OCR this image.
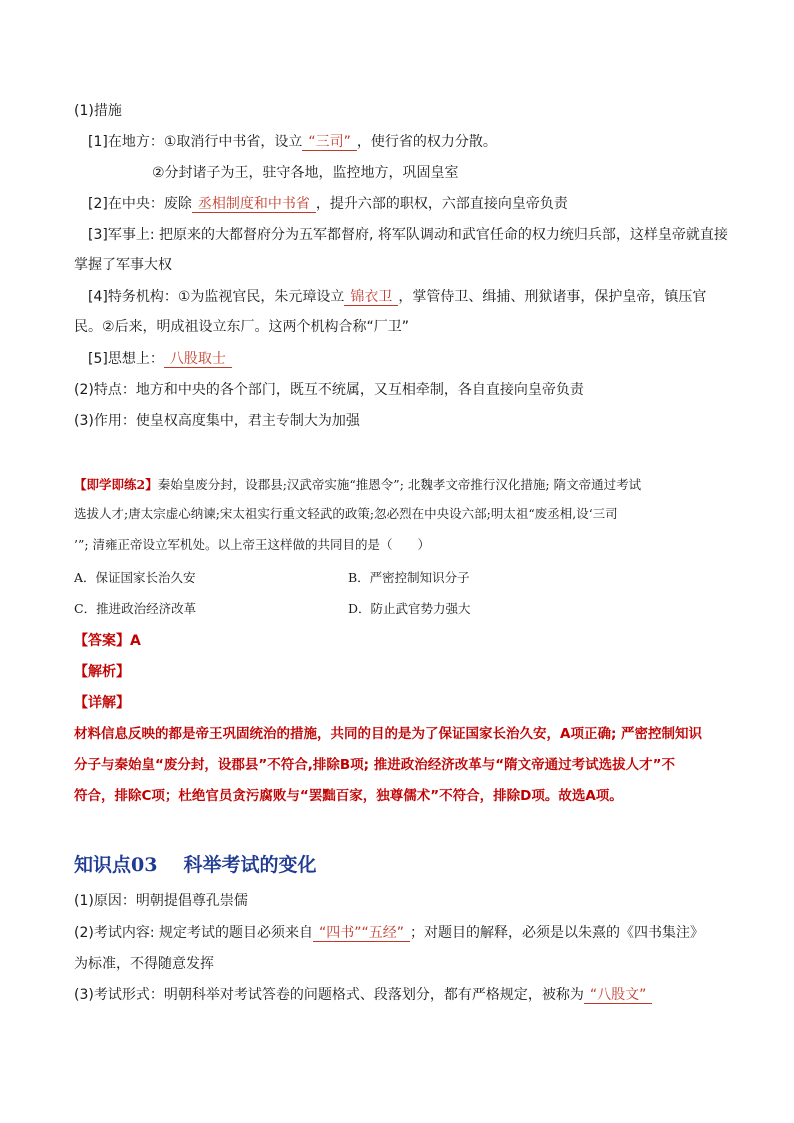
(1)措施
[1]在地方：①取消行中书省，设立 “三司” ，使行省的权力分散。
②分封诸子为王，驻守各地，监控地方，巩固皇室
[2]在中央：废除 丞相制度和中书省 ，提升六部的职权，六部直接向皇帝负责
[3]军事上: 把原来的大都督府分为五军都督府, 将军队调动和武官任命的权力统归兵部，这样皇帝就直接
掌握了军事大权
[4]特务机构：①为监视官民，朱元璋设立 锦衣卫 ，掌管侍卫、缉捕、刑狱诸事，保护皇帝，镇压官
民。②后来，明成祖设立东厂。这两个机构合称“厂卫”
[5]思想上： 八股取士
(2)特点：地方和中央的各个部门，既互不统属，又互相牵制，各自直接向皇帝负责
(3)作用：使皇权高度集中，君主专制大为加强
【即学即练2】秦始皇废分封，设郡县;汉武帝实施“推恩令”; 北魏孝文帝推行汉化措施; 隋文帝通过考试
选拔人才;唐太宗虚心纳谏;宋太祖实行重文轻武的政策;忽必烈在中央设六部;明太祖“废丞相,设‘三司
’”; 清雍正帝设立军机处。以上帝王这样做的共同目的是（　　）
A．保证国家长治久安	B．严密控制知识分子
C．推进政治经济改革	D．防止武官势力强大
【答案】A
【解析】
【详解】
材料信息反映的都是帝王巩固统治的措施，共同的目的是为了保证国家长治久安，A项正确; 严密控制知识
分子与秦始皇“废分封，设郡县”不符合,排除B项; 推进政治经济改革与“隋文帝通过考试选拔人才”不
符合，排除C项；杜绝官员贪污腐败与“罢黜百家，独尊儒术”不符合，排除D项。故选A项。
知识点03 科举考试的变化
(1)原因：明朝提倡尊孔崇儒
(2)考试内容: 规定考试的题目必须来自 “四书”“五经” ；对题目的解释，必须是以朱熹的《四书集注》
为标准，不得随意发挥
(3)考试形式：明朝科举对考试答卷的问题格式、段落划分，都有严格规定，被称为 “八股文”
